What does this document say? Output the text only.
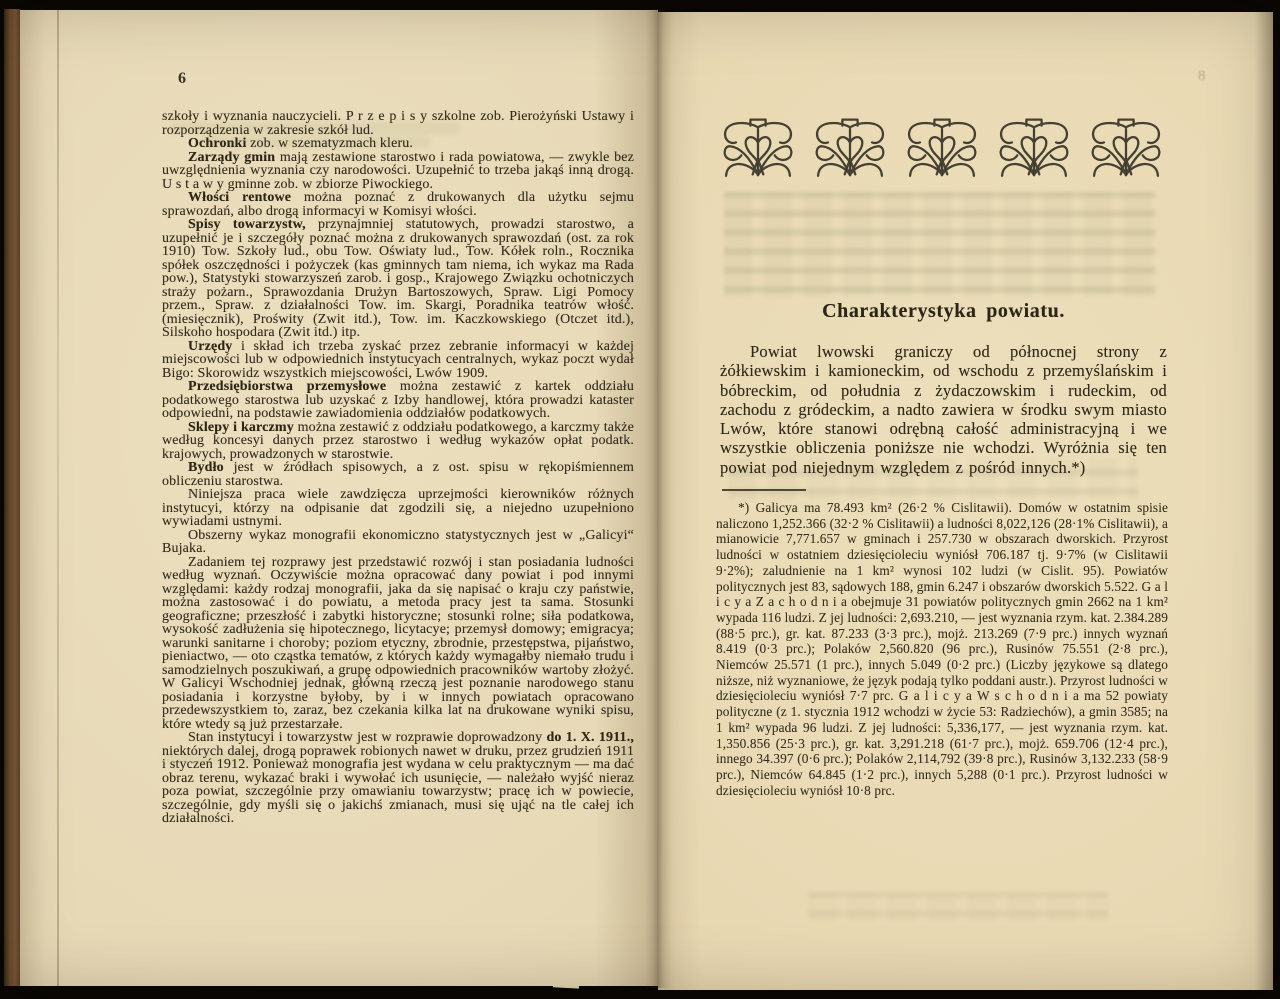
6

szkoły i wyznania nauczycieli. P r z e p i s y szkolne zob. Pierożyński Ustawy i rozporządzenia w zakresie szkół lud.

Ochronki zob. w szematyzmach kleru.

Zarządy gmin mają zestawione starostwo i rada powiatowa, — zwykle bez uwzględnienia wyznania czy narodowości. Uzupełnić to trzeba jakąś inną drogą. U s t a w y gminne zob. w zbiorze Piwockiego.

Włości rentowe można poznać z drukowanych dla użytku sejmu sprawozdań, albo drogą informacyi w Komisyi włości.

Spisy towarzystw, przynajmniej statutowych, prowadzi starostwo, a uzupełnić je i szczegóły poznać można z drukowanych sprawozdań (ost. za rok 1910) Tow. Szkoły lud., obu Tow. Oświaty lud., Tow. Kółek roln., Rocznika spółek oszczędności i pożyczek (kas gminnych tam niema, ich wykaz ma Rada pow.), Statystyki stowarzyszeń zarob. i gosp., Krajowego Związku ochotniczych straży pożarn., Sprawozdania Drużyn Bartoszowych, Spraw. Ligi Pomocy przem., Spraw. z działalności Tow. im. Skargi, Poradnika teatrów włość. (miesięcznik), Proświty (Zwit itd.), Tow. im. Kaczkowskiego (Otczet itd.), Silskoho hospodara (Zwit itd.) itp.

Urzędy i skład ich trzeba zyskać przez zebranie informacyi w każdej miejscowości lub w odpowiednich instytucyach centralnych, wykaz poczt wydał Bigo: Skorowidz wszystkich miejscowości, Lwów 1909.

Przedsiębiorstwa przemysłowe można zestawić z kartek oddziału podatkowego starostwa lub uzyskać z Izby handlowej, która prowadzi kataster odpowiedni, na podstawie zawiadomienia oddziałów podatkowych.

Sklepy i karczmy można zestawić z oddziału podatkowego, a karczmy także według koncesyi danych przez starostwo i według wykazów opłat podatk. krajowych, prowadzonych w starostwie.

Bydło jest w źródłach spisowych, a z ost. spisu w rękopiśmiennem obliczeniu starostwa.

Niniejsza praca wiele zawdzięcza uprzejmości kierowników różnych instytucyi, którzy na odpisanie dat zgodzili się, a niejedno uzupełniono wywiadami ustnymi.

Obszerny wykaz monografii ekonomiczno statystycznych jest w „Galicyi“ Bujaka.

Zadaniem tej rozprawy jest przedstawić rozwój i stan posiadania ludności według wyznań. Oczywiście można opracować dany powiat i pod innymi względami: każdy rodzaj monografii, jaka da się napisać o kraju czy państwie, można zastosować i do powiatu, a metoda pracy jest ta sama. Stosunki geograficzne; przeszłość i zabytki historyczne; stosunki rolne; siła podatkowa, wysokość zadłużenia się hipotecznego, licytacye; przemysł domowy; emigracya; warunki sanitarne i choroby; poziom etyczny, zbrodnie, przestępstwa, pijaństwo, pieniactwo, — oto cząstka tematów, z których każdy wymagałby niemało trudu i samodzielnych poszukiwań, a grupę odpowiednich pracowników wartoby złożyć. W Galicyi Wschodniej jednak, główną rzeczą jest poznanie narodowego stanu posiadania i korzystne byłoby, by i w innych powiatach opracowano przedewszystkiem to, zaraz, bez czekania kilka lat na drukowane wyniki spisu, które wtedy są już przestarzałe.

Stan instytucyi i towarzystw jest w rozprawie doprowadzony do 1. X. 1911., niektórych dalej, drogą poprawek robionych nawet w druku, przez grudzień 1911 i styczeń 1912. Ponieważ monografia jest wydana w celu praktycznym — ma dać obraz terenu, wykazać braki i wywołać ich usunięcie, — należało wyjść nieraz poza powiat, szczególnie przy omawianiu towarzystw; pracę ich w powiecie, szczególnie, gdy myśli się o jakichś zmianach, musi się ująć na tle całej ich działalności.

8
Charakterystyka powiatu.

Powiat lwowski graniczy od północnej strony z żółkiewskim i kamioneckim, od wschodu z przemyślańskim i bóbreckim, od południa z żydaczowskim i rudeckim, od zachodu z gródeckim, a nadto zawiera w środku swym miasto Lwów, które stanowi odrębną całość administracyjną i we wszystkie obliczenia poniższe nie wchodzi. Wyróżnia się ten powiat pod niejednym względem z pośród innych.*)

*) Galicya ma 78.493 km² (26·2 % Cislitawii). Domów w ostatnim spisie naliczono 1,252.366 (32·2 % Cislitawii) a ludności 8,022,126 (28·1% Cislitawii), a mianowicie 7,771.657 w gminach i 257.730 w obszarach dworskich. Przyrost ludności w ostatniem dziesięcioleciu wyniósł 706.187 tj. 9·7% (w Cislitawii 9·2%); zaludnienie na 1 km² wynosi 102 ludzi (w Cislit. 95). Powiatów politycznych jest 83, sądowych 188, gmin 6.247 i obszarów dworskich 5.522. G a l i c y a Z a c h o d n i a obejmuje 31 powiatów politycznych gmin 2662 na 1 km² wypada 116 ludzi. Z jej ludności: 2,693.210, — jest wyznania rzym. kat. 2.384.289 (88·5 prc.), gr. kat. 87.233 (3·3 prc.), mojż. 213.269 (7·9 prc.) innych wyznań 8.419 (0·3 prc.); Polaków 2,560.820 (96 prc.), Rusinów 75.551 (2·8 prc.), Niemców 25.571 (1 prc.), innych 5.049 (0·2 prc.) (Liczby językowe są dlatego niższe, niż wyznaniowe, że język podają tylko poddani austr.). Przyrost ludności w dziesięcioleciu wyniósł 7·7 prc. G a l i c y a W s c h o d n i a ma 52 powiaty polityczne (z 1. stycznia 1912 wchodzi w życie 53: Radziechów), a gmin 3585; na 1 km² wypada 96 ludzi. Z jej ludności: 5,336,177, — jest wyznania rzym. kat. 1,350.856 (25·3 prc.), gr. kat. 3,291.218 (61·7 prc.), mojż. 659.706 (12·4 prc.), innego 34.397 (0·6 prc.); Polaków 2,114,792 (39·8 prc.), Rusinów 3,132.233 (58·9 prc.), Niemców 64.845 (1·2 prc.), innych 5,288 (0·1 prc.). Przyrost ludności w dziesięcioleciu wyniósł 10·8 prc.
